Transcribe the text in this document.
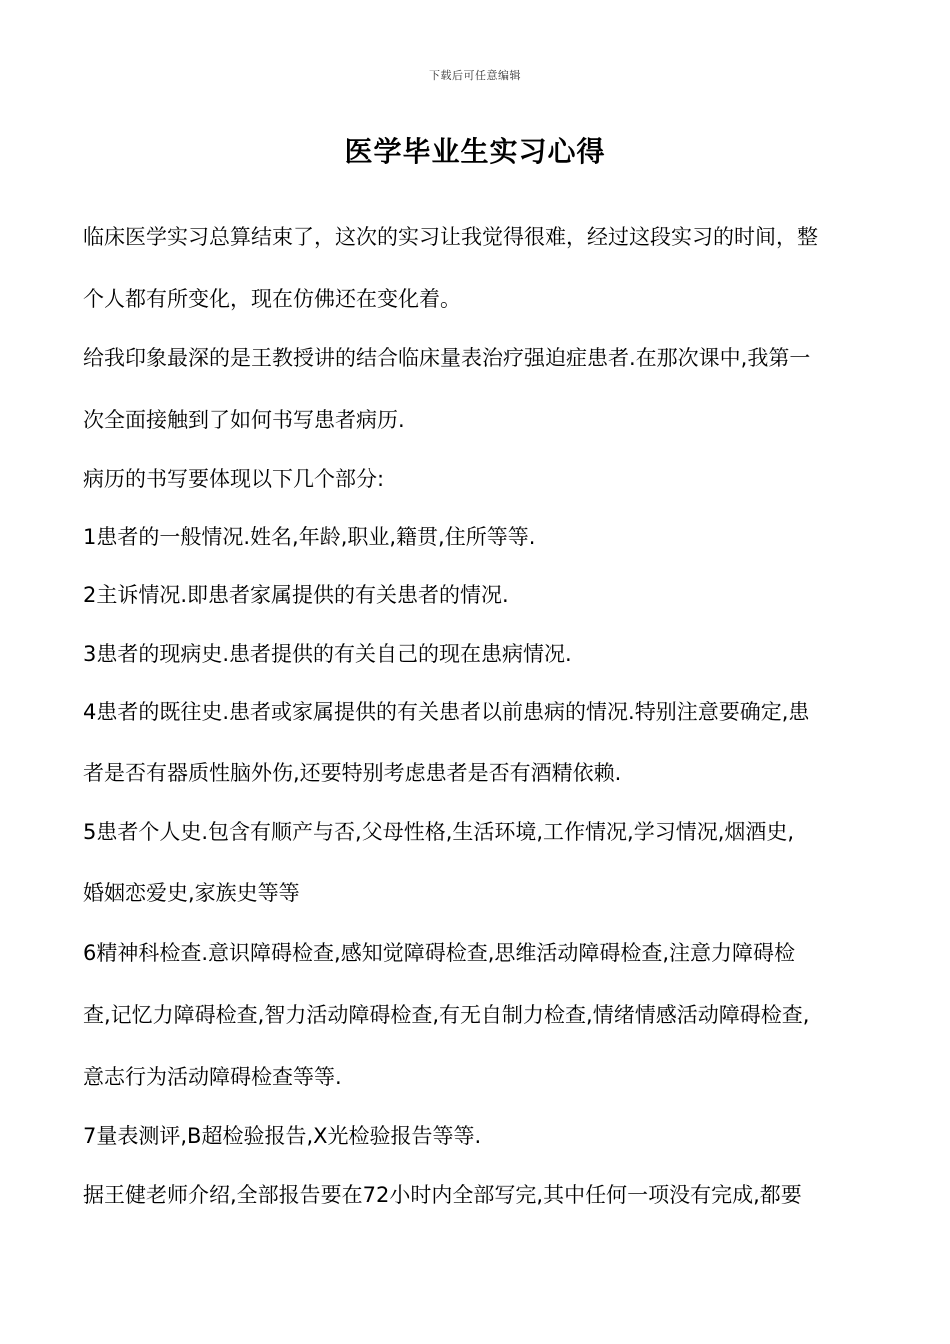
下载后可任意编辑
医学毕业生实习心得
临床医学实习总算结束了，这次的实习让我觉得很难，经过这段实习的时间，整
个人都有所变化，现在仿佛还在变化着。
给我印象最深的是王教授讲的结合临床量表治疗强迫症患者.在那次课中,我第一
次全面接触到了如何书写患者病历.
病历的书写要体现以下几个部分:
1患者的一般情况.姓名,年龄,职业,籍贯,住所等等.
2主诉情况.即患者家属提供的有关患者的情况.
3患者的现病史.患者提供的有关自己的现在患病情况.
4患者的既往史.患者或家属提供的有关患者以前患病的情况.特别注意要确定,患
者是否有器质性脑外伤,还要特别考虑患者是否有酒精依赖.
5患者个人史.包含有顺产与否,父母性格,生活环境,工作情况,学习情况,烟酒史,
婚姻恋爱史,家族史等等
6精神科检查.意识障碍检查,感知觉障碍检查,思维活动障碍检查,注意力障碍检
查,记忆力障碍检查,智力活动障碍检查,有无自制力检查,情绪情感活动障碍检查,
意志行为活动障碍检查等等.
7量表测评,B超检验报告,X光检验报告等等.
据王健老师介绍,全部报告要在72小时内全部写完,其中任何一项没有完成,都要
